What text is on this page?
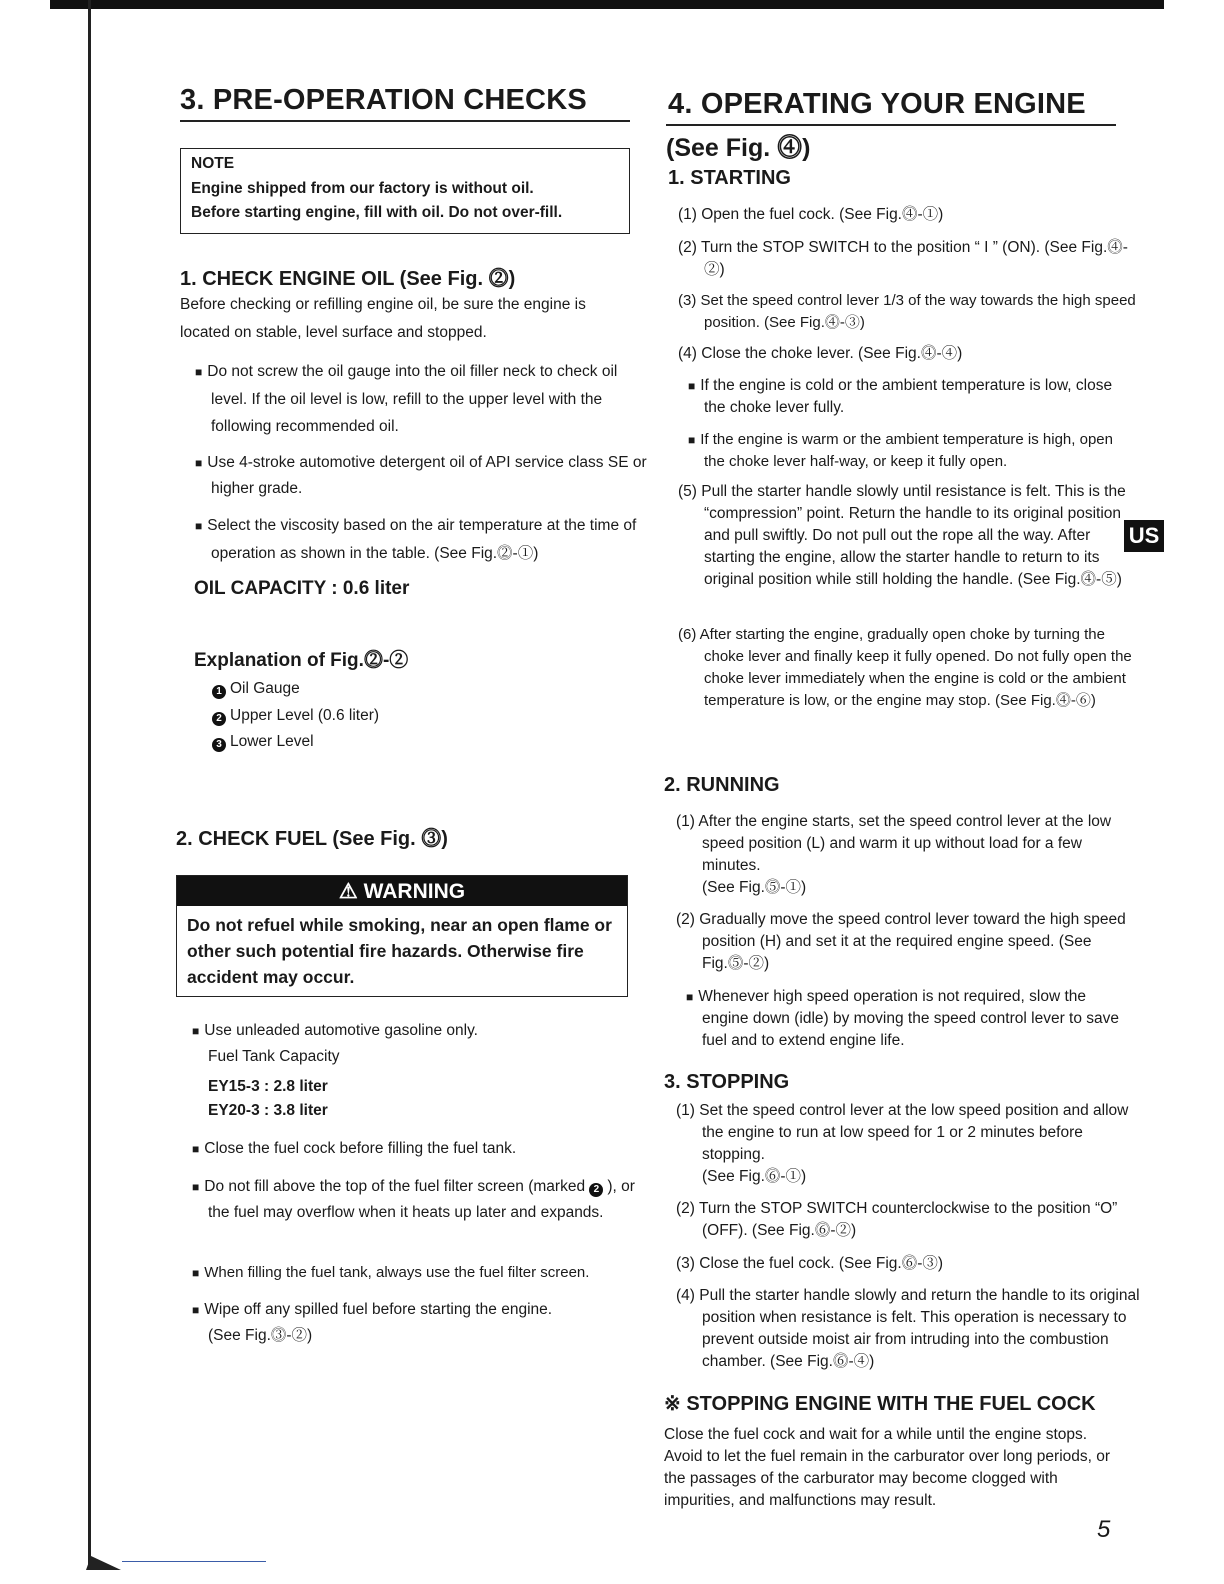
3. PRE-OPERATION CHECKS
NOTE
Engine shipped from our factory is without oil.
Before starting engine, fill with oil. Do not over-fill.
1. CHECK ENGINE OIL (See Fig. ⓶)
Before checking or refilling engine oil, be sure the engine is
located on stable, level surface and stopped.
■ Do not screw the oil gauge into the oil filler neck to check oil level. If the oil level is low, refill to the upper level with the following recommended oil.
■ Use 4-stroke automotive detergent oil of API service class SE or higher grade.
■ Select the viscosity based on the air temperature at the time of operation as shown in the table. (See Fig.⓶-①)
OIL CAPACITY : 0.6 liter
Explanation of Fig.⓶-②
1 Oil Gauge
2 Upper Level (0.6 liter)
3 Lower Level
2. CHECK FUEL (See Fig. ⓷)
⚠ WARNING
Do not refuel while smoking, near an open flame or other such potential fire hazards. Otherwise fire accident may occur.
■ Use unleaded automotive gasoline only.
Fuel Tank Capacity
EY15-3 : 2.8 liter
EY20-3 : 3.8 liter
■ Close the fuel cock before filling the fuel tank.
■ Do not fill above the top of the fuel filter screen (marked 2 ), or the fuel may overflow when it heats up later and expands.
■ When filling the fuel tank, always use the fuel filter screen.
■ Wipe off any spilled fuel before starting the engine.
(See Fig.⓷-②)
4. OPERATING YOUR ENGINE
(See Fig. ⓸)
1. STARTING
(1) Open the fuel cock. (See Fig.⓸-①)
(2) Turn the STOP SWITCH to the position “ I ” (ON). (See Fig.⓸-②)
(3) Set the speed control lever 1/3 of the way towards the high speed position. (See Fig.⓸-③)
(4) Close the choke lever. (See Fig.⓸-④)
■ If the engine is cold or the ambient temperature is low, close the choke lever fully.
■ If the engine is warm or the ambient temperature is high, open the choke lever half-way, or keep it fully open.
(5) Pull the starter handle slowly until resistance is felt. This is the “compression” point. Return the handle to its original position and pull swiftly. Do not pull out the rope all the way. After starting the engine, allow the starter handle to return to its original position while still holding the handle. (See Fig.⓸-⑤)
(6) After starting the engine, gradually open choke by turning the choke lever and finally keep it fully opened. Do not fully open the choke lever immediately when the engine is cold or the ambient temperature is low, or the engine may stop. (See Fig.⓸-⑥)
2. RUNNING
(1) After the engine starts, set the speed control lever at the low speed position (L) and warm it up without load for a few minutes.
(See Fig.⓹-①)
(2) Gradually move the speed control lever toward the high speed position (H) and set it at the required engine speed. (See Fig.⓹-②)
■ Whenever high speed operation is not required, slow the engine down (idle) by moving the speed control lever to save fuel and to extend engine life.
3. STOPPING
(1) Set the speed control lever at the low speed position and allow the engine to run at low speed for 1 or 2 minutes before stopping.
(See Fig.⓺-①)
(2) Turn the STOP SWITCH counterclockwise to the position “O” (OFF). (See Fig.⓺-②)
(3) Close the fuel cock. (See Fig.⓺-③)
(4) Pull the starter handle slowly and return the handle to its original position when resistance is felt. This operation is necessary to prevent outside moist air from intruding into the combustion chamber. (See Fig.⓺-④)
※ STOPPING ENGINE WITH THE FUEL COCK
Close the fuel cock and wait for a while until the engine stops. Avoid to let the fuel remain in the carburator over long periods, or the passages of the carburator may become clogged with impurities, and malfunctions may result.
US
5
